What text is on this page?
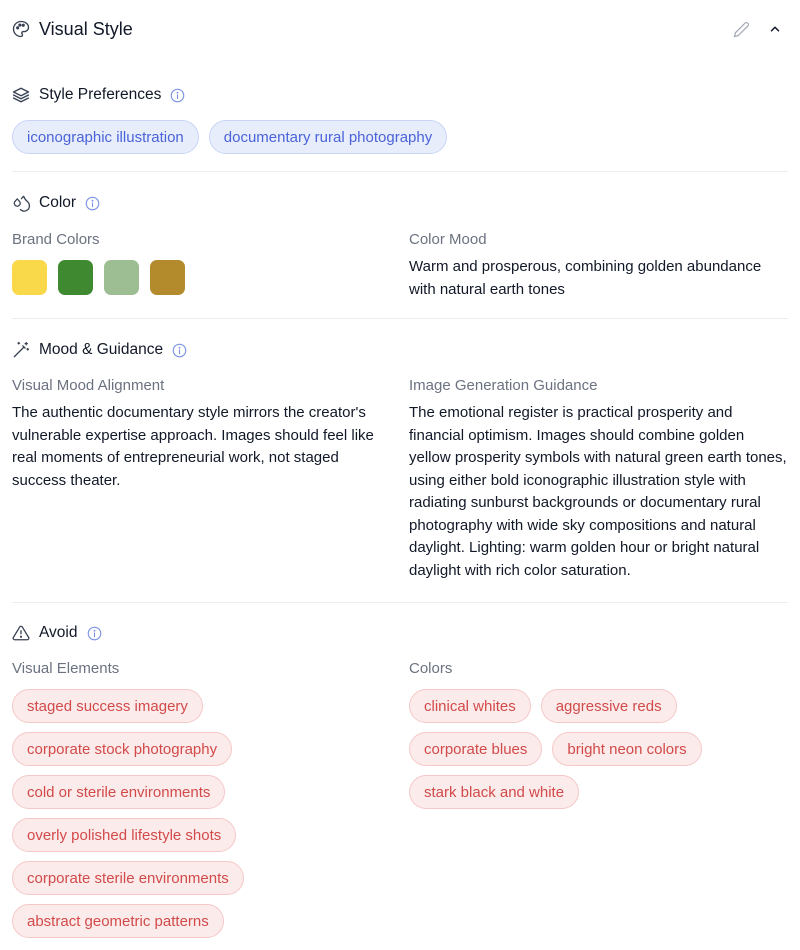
Visual Style
Style Preferences
iconographic illustration	documentary rural photography
Color
Brand Colors	Color Mood
Warm and prosperous, combining golden abundance with natural earth tones
Mood & Guidance
Visual Mood Alignment
The authentic documentary style mirrors the creator's vulnerable expertise approach. Images should feel like real moments of entrepreneurial work, not staged success theater.
Image Generation Guidance
The emotional register is practical prosperity and financial optimism. Images should combine golden yellow prosperity symbols with natural green earth tones, using either bold iconographic illustration style with radiating sunburst backgrounds or documentary rural photography with wide sky compositions and natural daylight. Lighting: warm golden hour or bright natural daylight with rich color saturation.
Avoid
Visual Elements
staged success imagery
corporate stock photography
cold or sterile environments
overly polished lifestyle shots
corporate sterile environments
abstract geometric patterns
Colors
clinical whites	aggressive reds
corporate blues	bright neon colors
stark black and white
